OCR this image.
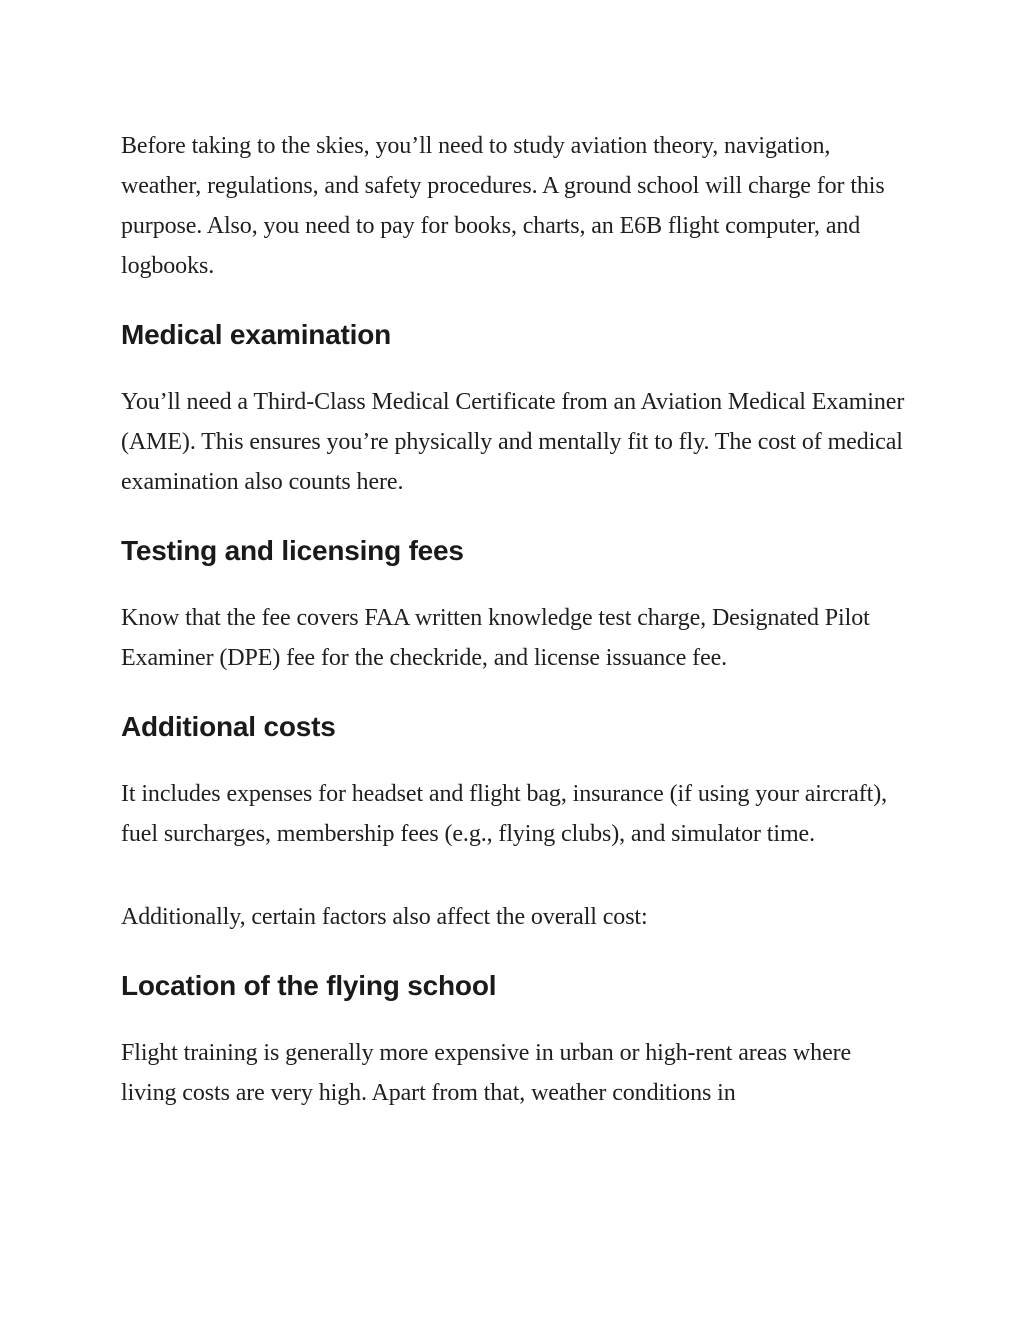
Before taking to the skies, you’ll need to study aviation theory, navigation, weather, regulations, and safety procedures. A ground school will charge for this purpose. Also, you need to pay for books, charts, an E6B flight computer, and logbooks.

Medical examination

You’ll need a Third-Class Medical Certificate from an Aviation Medical Examiner (AME). This ensures you’re physically and mentally fit to fly. The cost of medical examination also counts here.

Testing and licensing fees

Know that the fee covers FAA written knowledge test charge, Designated Pilot Examiner (DPE) fee for the checkride, and license issuance fee.

Additional costs

It includes expenses for headset and flight bag, insurance (if using your aircraft), fuel surcharges, membership fees (e.g., flying clubs), and simulator time.

Additionally, certain factors also affect the overall cost:

Location of the flying school

Flight training is generally more expensive in urban or high-rent areas where living costs are very high. Apart from that, weather conditions in
